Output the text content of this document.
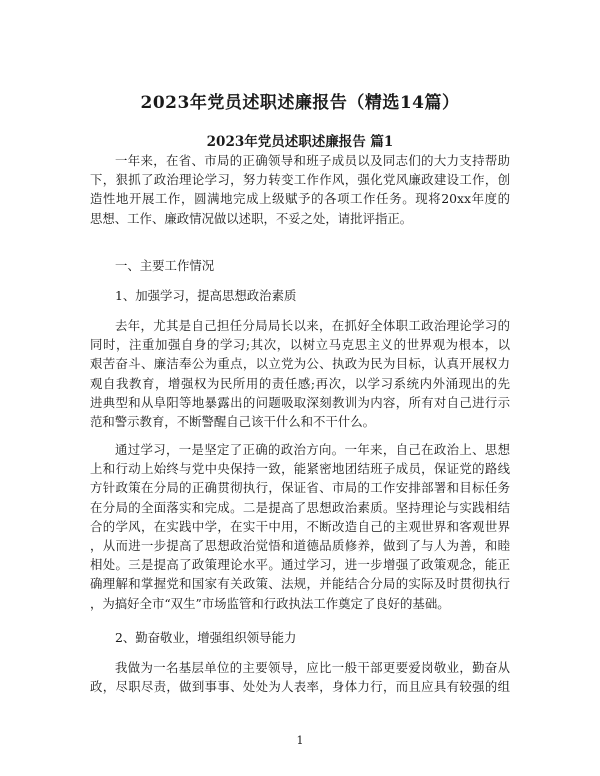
2023年党员述职述廉报告（精选14篇）
2023年党员述职述廉报告 篇1
一年来，在省、市局的正确领导和班子成员以及同志们的大力支持帮助
下，狠抓了政治理论学习，努力转变工作作风，强化党风廉政建设工作，创
造性地开展工作，圆满地完成上级赋予的各项工作任务。现将20xx年度的
思想、工作、廉政情况做以述职，不妥之处，请批评指正。
一、主要工作情况
1、加强学习，提高思想政治素质
去年，尤其是自己担任分局局长以来，在抓好全体职工政治理论学习的
同时，注重加强自身的学习;其次，以树立马克思主义的世界观为根本，以
艰苦奋斗、廉洁奉公为重点，以立党为公、执政为民为目标，认真开展权力
观自我教育，增强权为民所用的责任感;再次，以学习系统内外涌现出的先
进典型和从阜阳等地暴露出的问题吸取深刻教训为内容，所有对自己进行示
范和警示教育，不断警醒自己该干什么和不干什么。
通过学习，一是坚定了正确的政治方向。一年来，自己在政治上、思想
上和行动上始终与党中央保持一致，能紧密地团结班子成员，保证党的路线
方针政策在分局的正确贯彻执行，保证省、市局的工作安排部署和目标任务
在分局的全面落实和完成。二是提高了思想政治素质。坚持理论与实践相结
合的学风，在实践中学，在实干中用，不断改造自己的主观世界和客观世界
，从而进一步提高了思想政治觉悟和道德品质修养，做到了与人为善，和睦
相处。三是提高了政策理论水平。通过学习，进一步增强了政策观念，能正
确理解和掌握党和国家有关政策、法规，并能结合分局的实际及时贯彻执行
，为搞好全市“双生”市场监管和行政执法工作奠定了良好的基础。
2、勤奋敬业，增强组织领导能力
我做为一名基层单位的主要领导，应比一般干部更要爱岗敬业，勤奋从
政，尽职尽责，做到事事、处处为人表率，身体力行，而且应具有较强的组
1
